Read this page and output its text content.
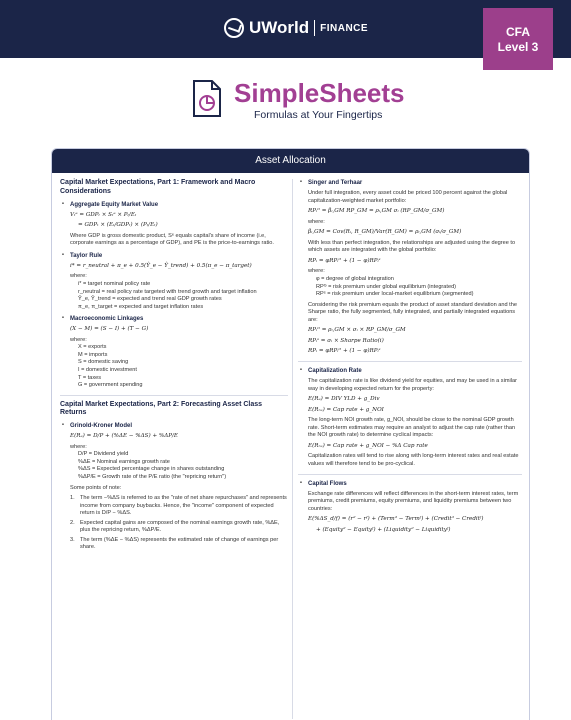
UWorld FINANCE	CFA
Level 3
SimpleSheets
Formulas at Your Fingertips
Asset Allocation
Capital Market Expectations, Part 1: Framework and Macro Considerations
• Aggregate Equity Market Value
Vₜᵉ = GDPₜ × Sₜᵉ × Pₜ/Eₜ
= GDPₜ × (Eₜ/GDPₜ) × (Pₜ/Eₜ)

Where GDP is gross domestic product, Sᵉ equals capital's share of income (i.e, corporate earnings as a percentage of GDP), and PE is the price-to-earnings ratio.

• Taylor Rule
i* = r_neutral + π_e + 0.5(Ŷ_e − Ŷ_trend) + 0.5(π_e − π_target)
where:
i* = target nominal policy rate
r_neutral = real policy rate targeted with trend growth and target inflation
Ŷ_e, Ŷ_trend = expected and trend real GDP growth rates
π_e, π_target = expected and target inflation rates
• Macroeconomic Linkages
(X − M) = (S − I) + (T − G)
where:
X = exports
M = imports
S = domestic saving
I = domestic investment
T = taxes
G = government spending
Capital Market Expectations, Part 2: Forecasting Asset Class Returns
• Grinold-Kroner Model
E(Rₑ) = D/P + (%ΔE − %ΔS) + %ΔP/E
where:
D/P = Dividend yield
%ΔE = Nominal earnings growth rate
%ΔS = Expected percentage change in shares outstanding
%ΔP/E = Growth rate of the P/E ratio (the "repricing return")

Some points of note:

1. The term −%ΔS is referred to as the "rate of net share repurchases" and represents income from company buybacks. Hence, the "income" component of expected return is D/P − %ΔS.
2. Expected capital gains are composed of the nominal earnings growth rate, %ΔE, plus the repricing return, %ΔP/E.
3. The term (%ΔE − %ΔS) represents the estimated rate of change of earnings per share.
• Singer and Terhaar

Under full integration, every asset could be priced 100 percent against the global capitalization-weighted market portfolio:

RPᵢᴳ = βᵢ,GM RP_GM = ρᵢ,GM σᵢ (RP_GM/σ_GM)
where:
βᵢ,GM = Cov(Rᵢ, R_GM)/Var(R_GM) = ρᵢ,GM (σᵢ/σ_GM)

With less than perfect integration, the relationships are adjusted using the degree to which assets are integrated with the global portfolio:

RPᵢ = φRPᵢᴳ + (1 − φ)RPᵢˢ
where:
φ = degree of global integration
RPᴳ = risk premium under global equilibrium (integrated)
RPˢ = risk premium under local-market equilibrium (segmented)

Considering the risk premium equals the product of asset standard deviation and the Sharpe ratio, the fully segmented, fully integrated, and partially integrated equations are:

RPᵢᴳ = ρᵢ,GM × σᵢ × RP_GM/σ_GM
RPᵢˢ = σᵢ × Sharpe Ratio(i)
RPᵢ = φRPᵢᴳ + (1 − φ)RPᵢˢ
• Capitalization Rate

The capitalization rate is like dividend yield for equities, and may be used in a similar way in developing expected return for the property:

E(Rₑ) = DIV YLD + g_Div
E(Rᵣₑ) = Cap rate + g_NOI

The long-term NOI growth rate, g_NOI, should be close to the nominal GDP growth rate. Short-term estimates may require an analyst to adjust the cap rate (rather than the NOI growth rate) to determine cyclical impacts:

E(Rᵣₑ) = Cap rate + g_NOI − %Δ Cap rate

Capitalization rates will tend to rise along with long-term interest rates and real estate values will therefore tend to be pro-cyclical.

• Capital Flows

Exchange rate differences will reflect differences in the short-term interest rates, term premiums, credit premiums, equity premiums, and liquidity premiums between two countries:

E(%ΔS_d/f) = (rᵈ − rᶠ) + (Termᵈ − Termᶠ) + (Creditᵈ − Creditᶠ)
+ (Equityᵈ − Equityᶠ) + (Liquidityᵈ − Liquidityᶠ)
